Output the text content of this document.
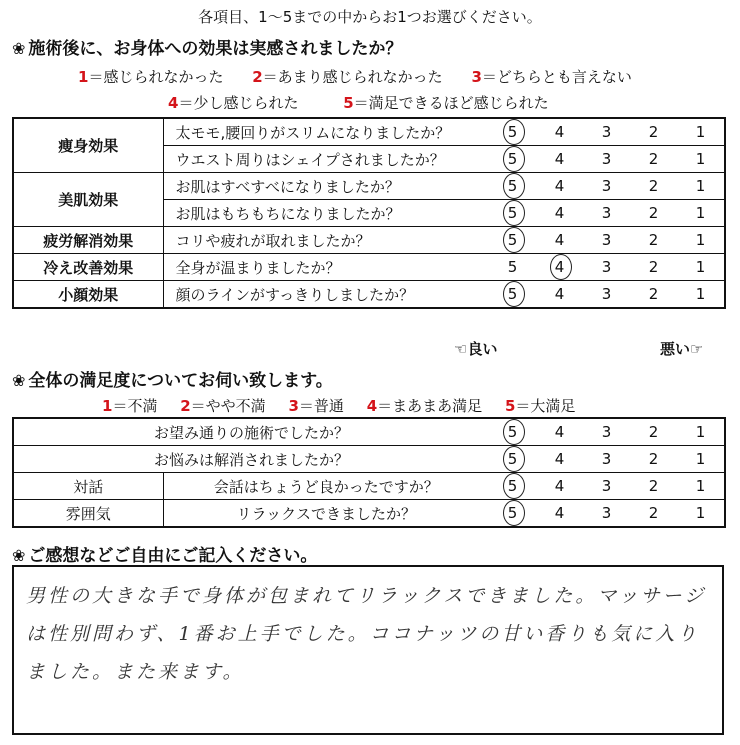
各項目、1～5までの中からお1つお選びください。
❀ 施術後に、お身体への効果は実感されましたか？
1＝感じられなかった 2＝あまり感じられなかった 3＝どちらとも言えない
4＝少し感じられた	5＝満足できるほど感じられた
痩身効果	太モモ,腰回りがスリムになりましたか？	5 4 3 2 1

	ウエスト周りはシェイプされましたか？	5 4 3 2 1

美肌効果	お肌はすべすべになりましたか？	5 4 3 2 1

	お肌はもちもちになりましたか？	5 4 3 2 1

疲労解消効果	コリや疲れが取れましたか？	5 4 3 2 1

冷え改善効果	全身が温まりましたか？	5 4 3 2 1

小顔効果	顔のラインがすっきりしましたか？	5 4 3 2 1
☜良い	悪い☞
❀ 全体の満足度についてお伺い致します。
1＝不満 2＝やや不満 3＝普通 4＝まあまあ満足 5＝大満足
お望み通りの施術でしたか？		5 4 3 2 1

お悩みは解消されましたか？		5 4 3 2 1

対話	会話はちょうど良かったですか？	5 4 3 2 1

雰囲気	リラックスできましたか？	5 4 3 2 1
❀ ご感想などご自由にご記入ください。
男性の大きな手で身体が包まれてリラックスできました。マッサージ
は性別問わず、1番お上手でした。ココナッツの甘い香りも気に入り
ました。また来ます。
